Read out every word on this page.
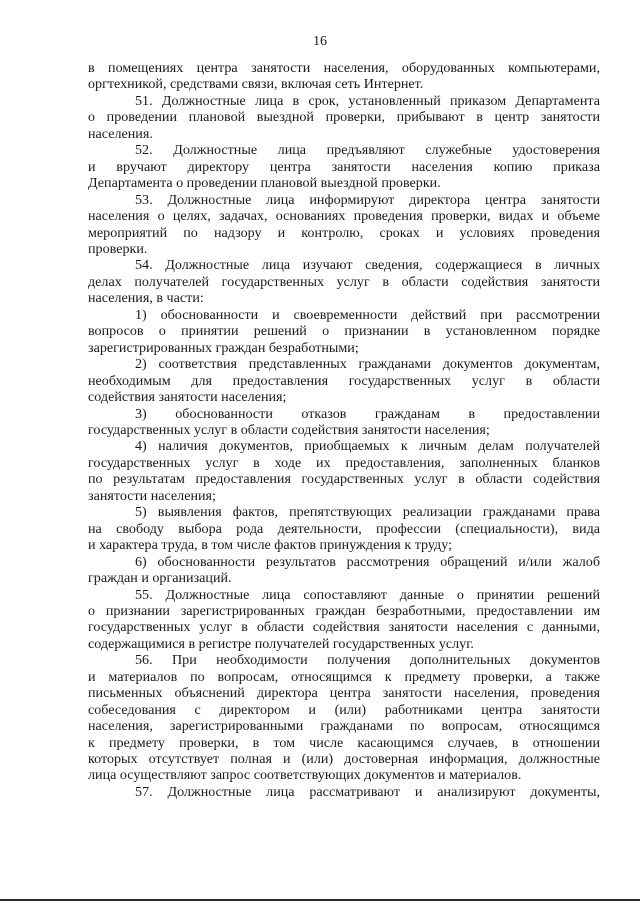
16
в помещениях центра занятости населения, оборудованных компьютерами,
оргтехникой, средствами связи, включая сеть Интернет.
51. Должностные лица в срок, установленный приказом Департамента
о проведении плановой выездной проверки, прибывают в центр занятости
населения.
52. Должностные лица предъявляют служебные удостоверения
и вручают директору центра занятости населения копию приказа
Департамента о проведении плановой выездной проверки.
53. Должностные лица информируют директора центра занятости
населения о целях, задачах, основаниях проведения проверки, видах и объеме
мероприятий по надзору и контролю, сроках и условиях проведения
проверки.
54. Должностные лица изучают сведения, содержащиеся в личных
делах получателей государственных услуг в области содействия занятости
населения, в части:
1) обоснованности и своевременности действий при рассмотрении
вопросов о принятии решений о признании в установленном порядке
зарегистрированных граждан безработными;
2) соответствия представленных гражданами документов документам,
необходимым для предоставления государственных услуг в области
содействия занятости населения;
3) обоснованности отказов гражданам в предоставлении
государственных услуг в области содействия занятости населения;
4) наличия документов, приобщаемых к личным делам получателей
государственных услуг в ходе их предоставления, заполненных бланков
по результатам предоставления государственных услуг в области содействия
занятости населения;
5) выявления фактов, препятствующих реализации гражданами права
на свободу выбора рода деятельности, профессии (специальности), вида
и характера труда, в том числе фактов принуждения к труду;
6) обоснованности результатов рассмотрения обращений и/или жалоб
граждан и организаций.
55. Должностные лица сопоставляют данные о принятии решений
о признании зарегистрированных граждан безработными, предоставлении им
государственных услуг в области содействия занятости населения с данными,
содержащимися в регистре получателей государственных услуг.
56. При необходимости получения дополнительных документов
и материалов по вопросам, относящимся к предмету проверки, а также
письменных объяснений директора центра занятости населения, проведения
собеседования с директором и (или) работниками центра занятости
населения, зарегистрированными гражданами по вопросам, относящимся
к предмету проверки, в том числе касающимся случаев, в отношении
которых отсутствует полная и (или) достоверная информация, должностные
лица осуществляют запрос соответствующих документов и материалов.
57. Должностные лица рассматривают и анализируют документы,
